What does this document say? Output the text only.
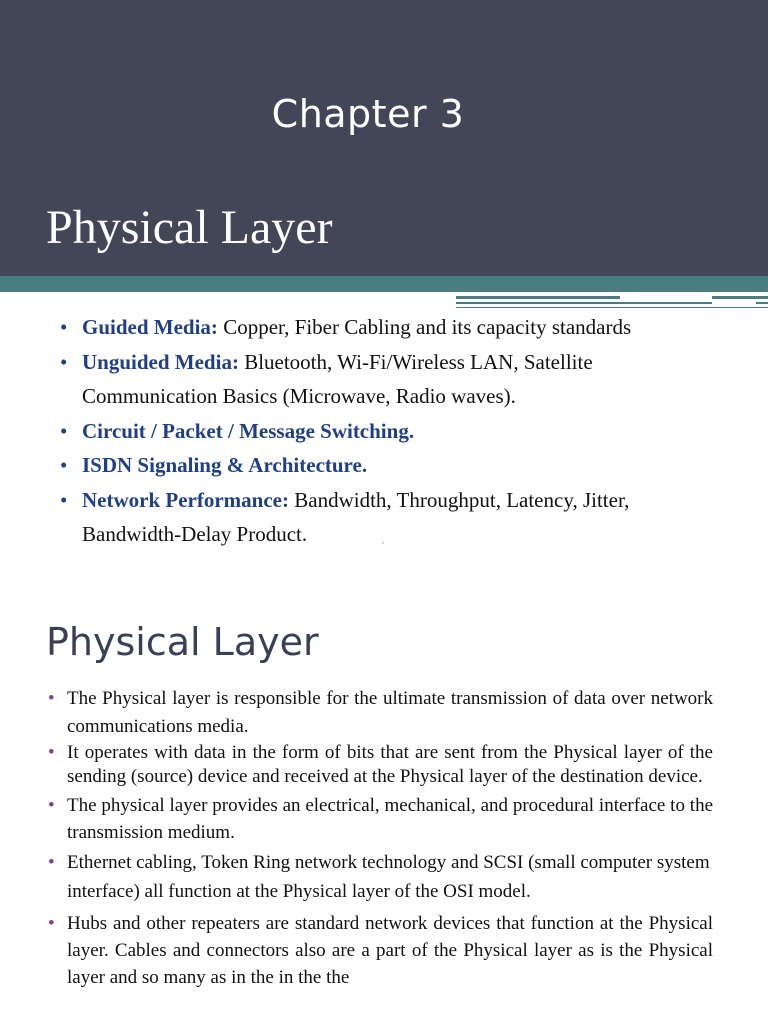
Chapter 3
Physical Layer
• Guided Media: Copper, Fiber Cabling and its capacity standards
• Unguided Media: Bluetooth, Wi-Fi/Wireless LAN, Satellite Communication Basics (Microwave, Radio waves).
• Circuit / Packet / Message Switching.
• ISDN Signaling & Architecture.
• Network Performance: Bandwidth, Throughput, Latency, Jitter, Bandwidth-Delay Product.	,
Physical Layer
• The Physical layer is responsible for the ultimate transmission of data over network communications media.
• It operates with data in the form of bits that are sent from the Physical layer of the sending (source) device and received at the Physical layer of the destination device.
• The physical layer provides an electrical, mechanical, and procedural interface to the transmission medium.
• Ethernet cabling, Token Ring network technology and SCSI (small computer system interface) all function at the Physical layer of the OSI model.
• Hubs and other repeaters are standard network devices that function at the Physical layer. Cables and connectors also are a part of the Physical layer as is the Physical layer and so many as in the in the the
